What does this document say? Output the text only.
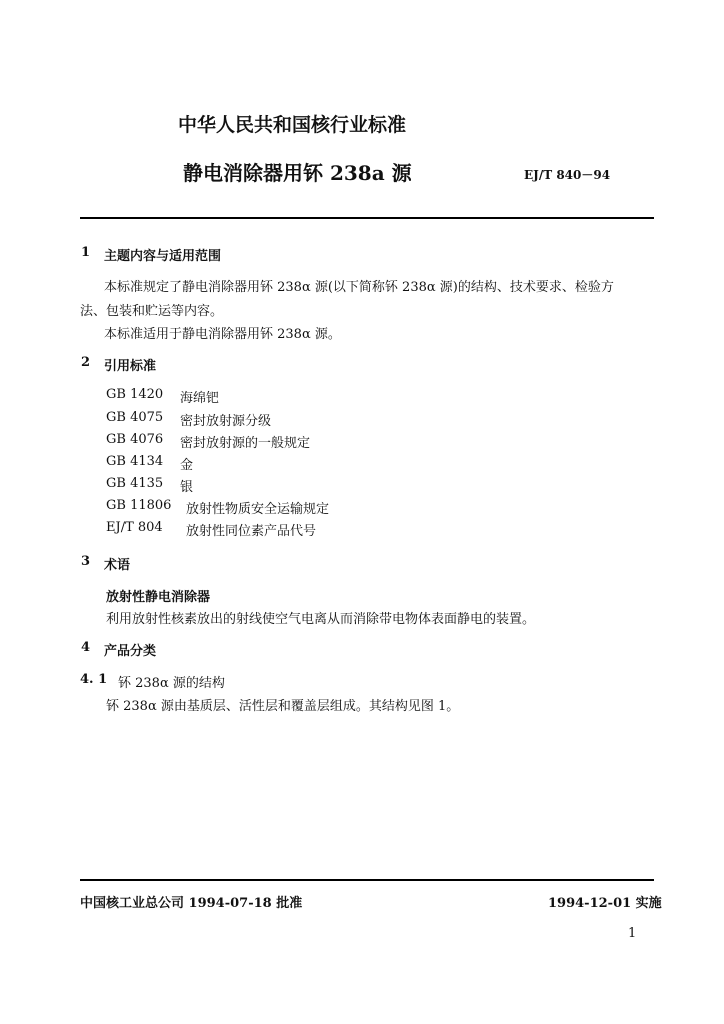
中华人民共和国核行业标准
静电消除器用钚 238a 源	EJ/T 840－94
1 主题内容与适用范围
本标准规定了静电消除器用钚 238α 源(以下简称钚 238α 源)的结构、技术要求、检验方
法、包装和贮运等内容。
本标准适用于静电消除器用钚 238α 源。
2 引用标准
GB 1420 海绵钯
GB 4075 密封放射源分级
GB 4076 密封放射源的一般规定
GB 4134 金
GB 4135 银
GB 11806 放射性物质安全运输规定
EJ/T 804 放射性同位素产品代号
3 术语
放射性静电消除器
利用放射性核素放出的射线使空气电离从而消除带电物体表面静电的装置。
4 产品分类
4. 1 钚 238α 源的结构
钚 238α 源由基质层、活性层和覆盖层组成。其结构见图 1。
中国核工业总公司 1994-07-18 批准	1994-12-01 实施
1
